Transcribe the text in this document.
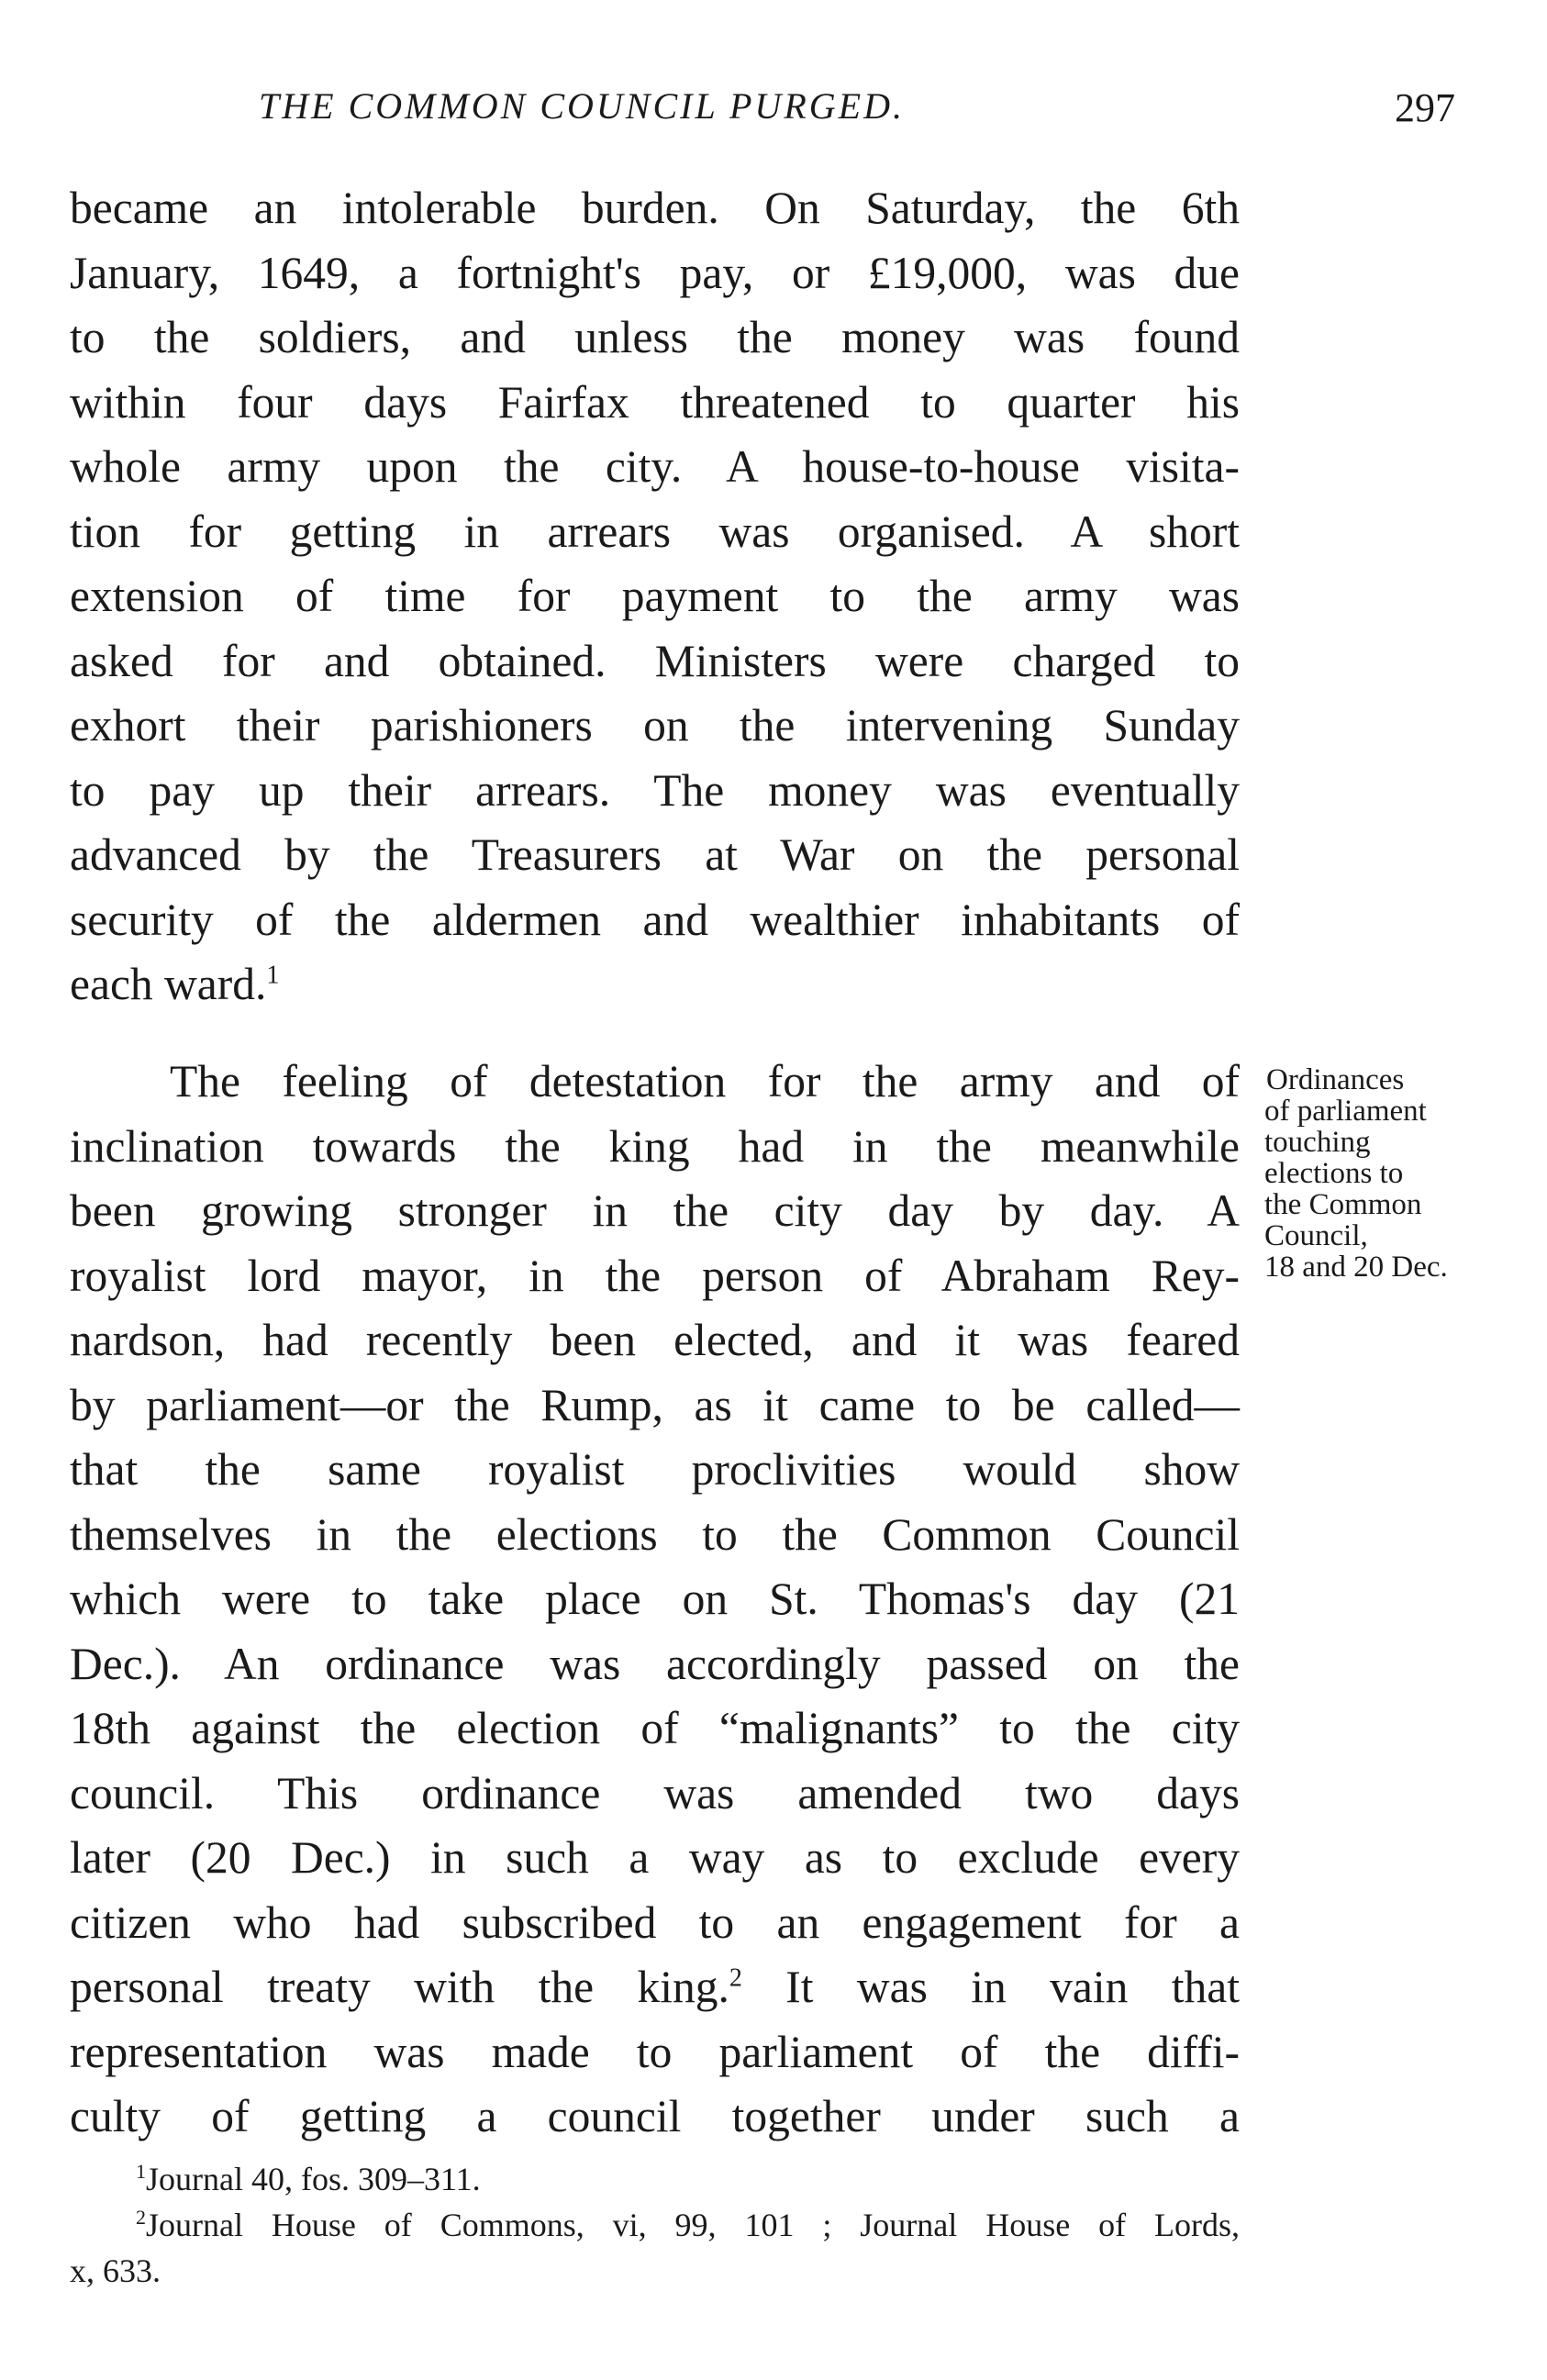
THE COMMON COUNCIL PURGED.	297
became an intolerable burden. On Saturday, the 6th
January, 1649, a fortnight's pay, or £19,000, was due
to the soldiers, and unless the money was found
within four days Fairfax threatened to quarter his
whole army upon the city. A house-to-house visita-
tion for getting in arrears was organised. A short
extension of time for payment to the army was
asked for and obtained. Ministers were charged to
exhort their parishioners on the intervening Sunday
to pay up their arrears. The money was eventually
advanced by the Treasurers at War on the personal
security of the aldermen and wealthier inhabitants of
each ward.$^1$
The feeling of detestation for the army and of
inclination towards the king had in the meanwhile
been growing stronger in the city day by day. A
royalist lord mayor, in the person of Abraham Rey-
nardson, had recently been elected, and it was feared
by parliament—or the Rump, as it came to be called—
that the same royalist proclivities would show
themselves in the elections to the Common Council
which were to take place on St. Thomas's day (21
Dec.). An ordinance was accordingly passed on the
18th against the election of “malignants” to the city
council. This ordinance was amended two days
later (20 Dec.) in such a way as to exclude every
citizen who had subscribed to an engagement for a
personal treaty with the king.$^2$ It was in vain that
representation was made to parliament of the diffi-
culty of getting a council together under such a
Ordinances
of parliament
touching
elections to
the Common
Council,
18 and 20 Dec.
$^1$Journal 40, fos. 309–311.
$^2$Journal House of Commons, vi, 99, 101 ; Journal House of Lords,
x, 633.
